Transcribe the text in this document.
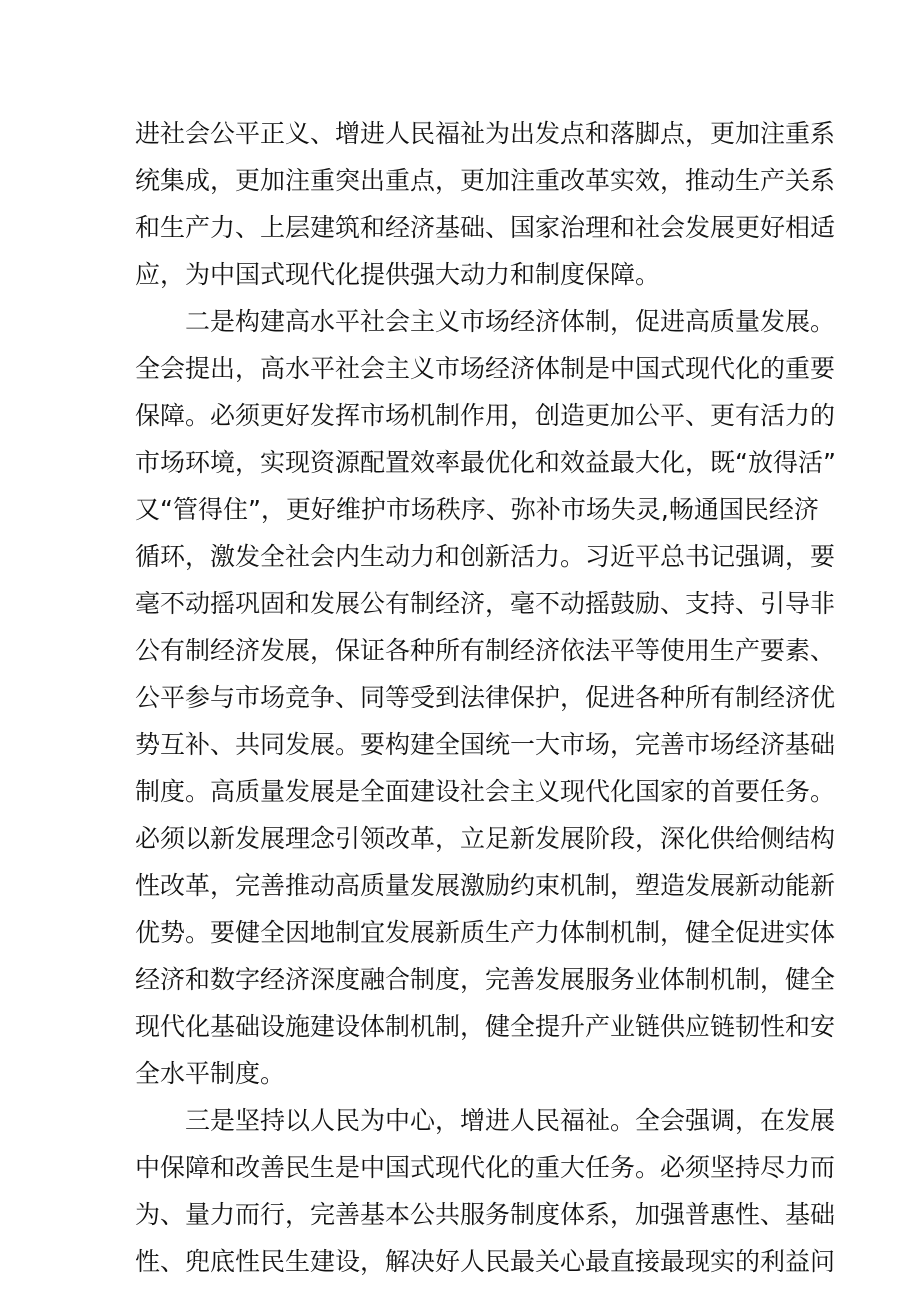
进社会公平正义、增进人民福祉为出发点和落脚点，更加注重系
统集成，更加注重突出重点，更加注重改革实效，推动生产关系
和生产力、上层建筑和经济基础、国家治理和社会发展更好相适
应，为中国式现代化提供强大动力和制度保障。
二是构建高水平社会主义市场经济体制，促进高质量发展。
全会提出，高水平社会主义市场经济体制是中国式现代化的重要
保障。必须更好发挥市场机制作用，创造更加公平、更有活力的
市场环境，实现资源配置效率最优化和效益最大化，既“放得活”
又“管得住”，更好维护市场秩序、弥补市场失灵,畅通国民经济
循环，激发全社会内生动力和创新活力。习近平总书记强调，要
毫不动摇巩固和发展公有制经济，毫不动摇鼓励、支持、引导非
公有制经济发展，保证各种所有制经济依法平等使用生产要素、
公平参与市场竞争、同等受到法律保护，促进各种所有制经济优
势互补、共同发展。要构建全国统一大市场，完善市场经济基础
制度。高质量发展是全面建设社会主义现代化国家的首要任务。
必须以新发展理念引领改革，立足新发展阶段，深化供给侧结构
性改革，完善推动高质量发展激励约束机制，塑造发展新动能新
优势。要健全因地制宜发展新质生产力体制机制，健全促进实体
经济和数字经济深度融合制度，完善发展服务业体制机制，健全
现代化基础设施建设体制机制，健全提升产业链供应链韧性和安
全水平制度。
三是坚持以人民为中心，增进人民福祉。全会强调，在发展
中保障和改善民生是中国式现代化的重大任务。必须坚持尽力而
为、量力而行，完善基本公共服务制度体系，加强普惠性、基础
性、兜底性民生建设，解决好人民最关心最直接最现实的利益问
